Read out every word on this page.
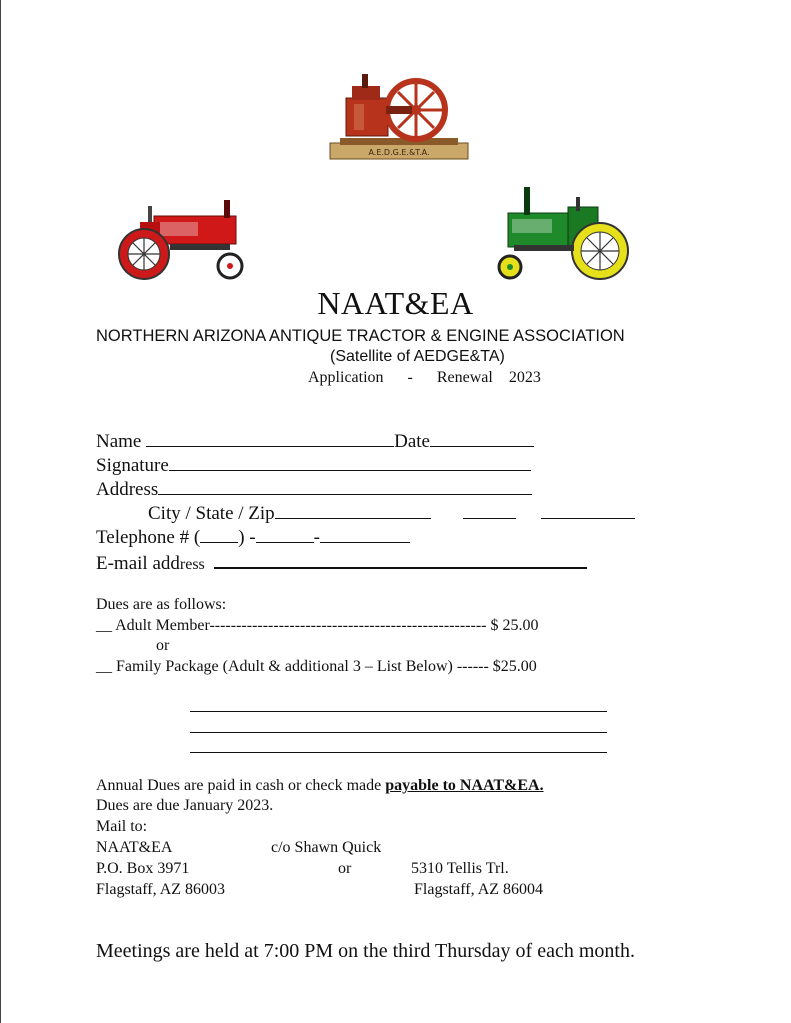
A.E.D.G.E.&T.A.
NAAT&EA
NORTHERN ARIZONA ANTIQUE TRACTOR & ENGINE ASSOCIATION
(Satellite of AEDGE&TA)
Application - Renewal 2023
Name	Date
Signature
Address
City / State / Zip
Telephone # ( ) -	-
E-mail address
Dues are as follows:
__ Adult Member---------------------------------------------------- $ 25.00
or
__ Family Package (Adult & additional 3 – List Below) ------ $25.00
Annual Dues are paid in cash or check made payable to NAAT&EA.
Dues are due January 2023.
Mail to:
NAAT&EA	c/o Shawn Quick
P.O. Box 3971	or	5310 Tellis Trl.
Flagstaff, AZ 86003	Flagstaff, AZ 86004
Meetings are held at 7:00 PM on the third Thursday of each month.
